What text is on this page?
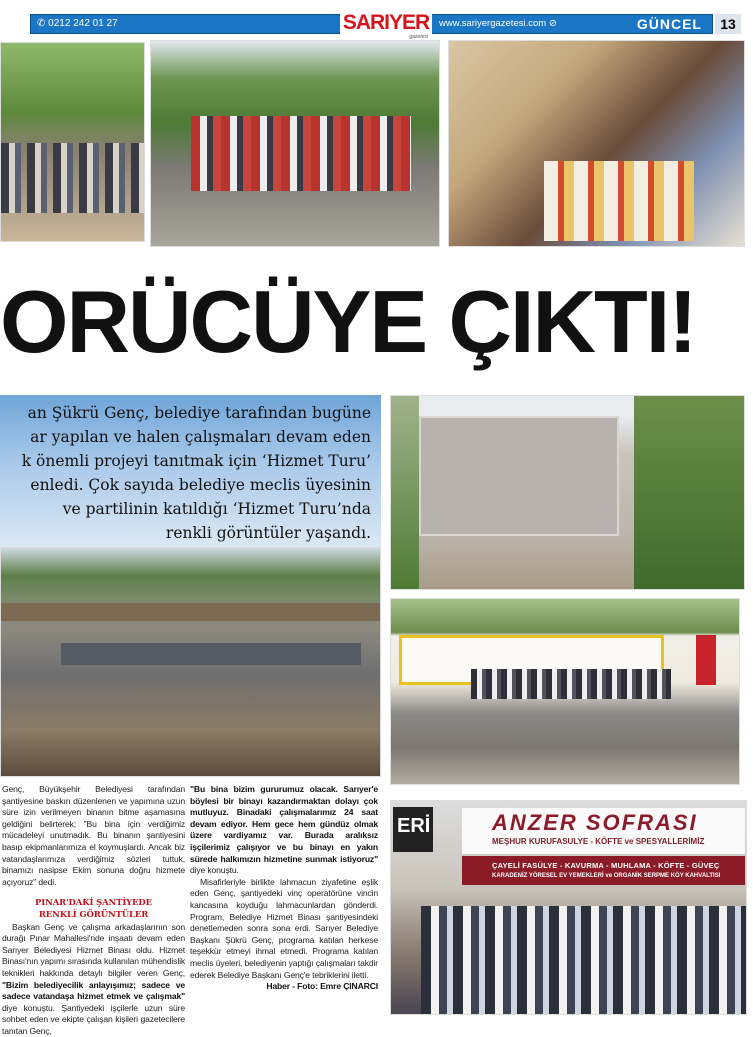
✆ 0212 242 01 27	www.sariyergazetesi.com ⊘	GÜNCEL
SARIYER
gazetesi
13
ORÜCÜYE ÇIKTI!

an Şükrü Genç, belediye tarafından bugüne
ar yapılan ve halen çalışmaları devam eden
k önemli projeyi tanıtmak için ‘Hizmet Turu’
enledi. Çok sayıda belediye meclis üyesinin
ve partilinin katıldığı ‘Hizmet Turu’nda
renkli görüntüler yaşandı.

ERİ	ANZER SOFRASI
MEŞHUR KURUFASULYE - KÖFTE ve SPESYALLERİMİZ
ÇAYELİ FASÜLYE - KAVURMA - MUHLAMA - KÖFTE - GÜVEÇ
KARADENİZ YÖRESEL EV YEMEKLERİ ve ORGANİK SERPME KÖY KAHVALTISI

Genç, Büyükşehir Belediyesi tarafından şantiyesine baskın düzenlenen ve yapımına uzun süre izin verilmeyen binanın bitme aşamasına geldiğini belirterek; "Bu bina için verdiğimiz mücadeleyi unutmadık. Bu binanın şantiyesini basıp ekipmanlarımıza el koymuşlardı. Ancak biz vatandaşlarımıza verdiğimiz sözleri tuttuk, binamızı nasipse Ekim sonuna doğru hizmete açıyoruz" dedi.

PINAR'DAKİ ŞANTİYEDE
RENKLİ GÖRÜNTÜLER

Başkan Genç ve çalışma arkadaşlarının son durağı Pınar Mahallesi'nde inşaatı devam eden Sarıyer Belediyesi Hizmet Binası oldu. Hizmet Binası'nın yapımı sırasında kullanılan mühendislik teknikleri hakkında detaylı bilgiler veren Genç, "Bizim belediyecilik anlayışımız; sadece ve sadece vatandaşa hizmet etmek ve çalışmak" diye konuştu. Şantiyedeki işçilerle uzun süre sohbet eden ve ekipte çalışan kişileri gazetecilere tanıtan Genç,

"Bu bina bizim gururumuz olacak. Sarıyer'e böylesi bir binayı kazandırmaktan dolayı çok mutluyuz. Binadaki çalışmalarımız 24 saat devam ediyor. Hem gece hem gündüz olmak üzere vardiyamız var. Burada aralıksız işçilerimiz çalışıyor ve bu binayı en yakın sürede halkımızın hizmetine sunmak istiyoruz" diye konuştu.

Misafirleriyle birlikte lahmacun ziyafetine eşlik eden Genç, şantiyedeki vinç operatörüne vincin kancasına koyduğu lahmacunlardan gönderdi. Program, Belediye Hizmet Binası şantiyesindeki denetlemeden sonra sona erdi. Sarıyer Belediye Başkanı Şükrü Genç, programa katılan herkese teşekkür etmeyi ihmal etmedi. Programa katılan meclis üyeleri, belediyenin yaptığı çalışmaları takdir ederek Belediye Başkanı Genç'e tebriklerini iletti.

Haber - Foto: Emre ÇINARCI
